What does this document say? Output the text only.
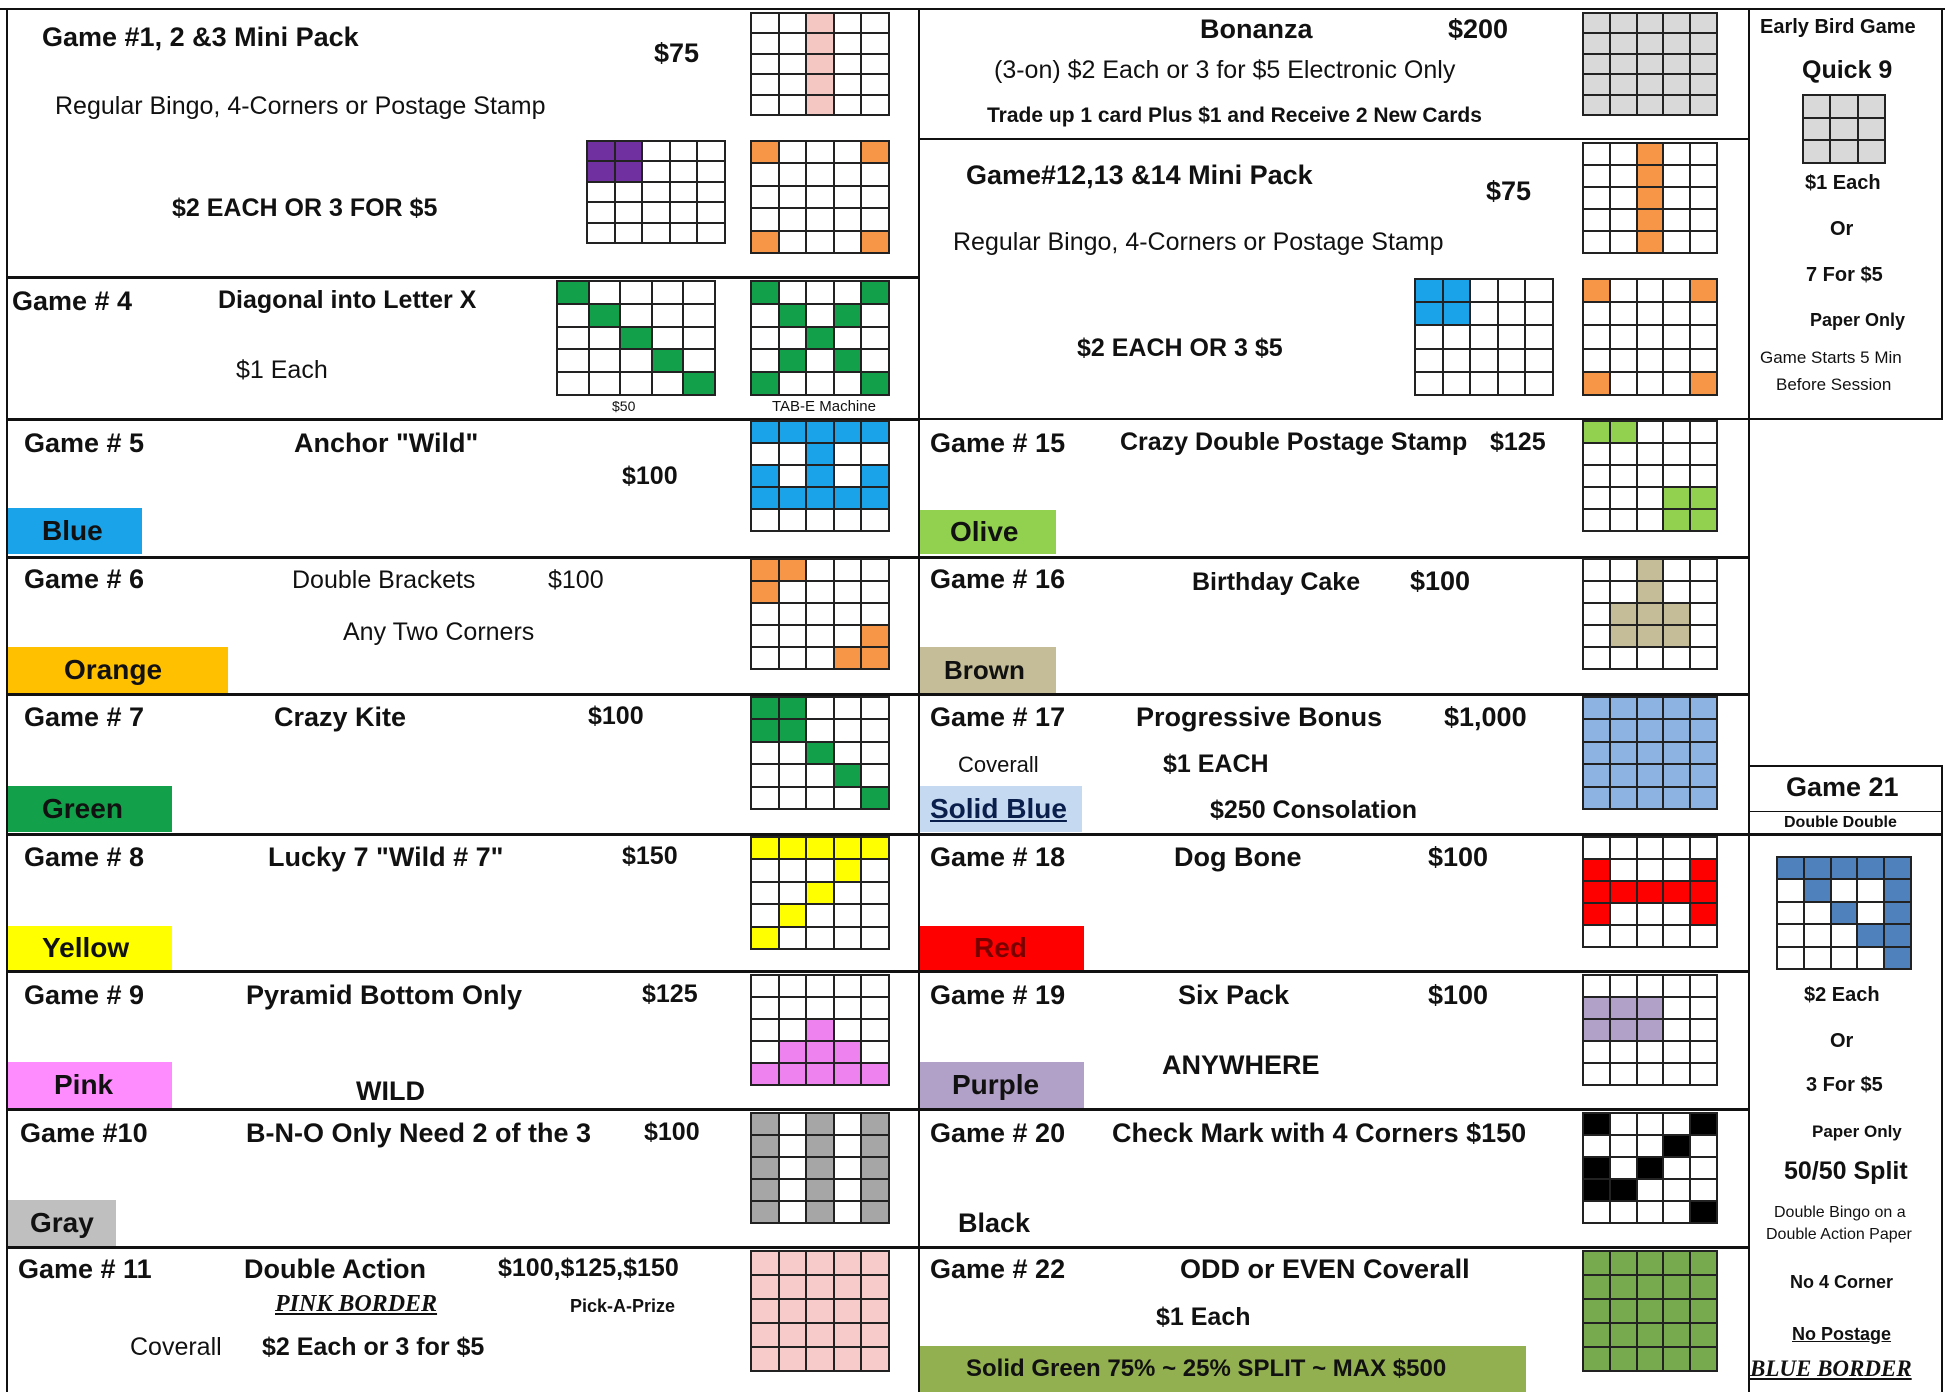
Game #1, 2 &3 Mini Pack
$75
Regular Bingo, 4-Corners or Postage Stamp
$2 EACH OR 3 FOR $5
Game # 4	Diagonal into Letter X
$1 Each
$50	TAB-E Machine
Game # 5	Anchor "Wild"
$100
Blue
Game # 6	Double Brackets	$100
Any Two Corners
Orange
Game # 7	Crazy Kite	$100
Green
Game # 8	Lucky 7 "Wild # 7"	$150
Yellow
Game # 9	Pyramid Bottom Only	$125
WILD
Pink
Game #10	B-N-O Only Need 2 of the 3 $100
Gray
Game # 11	Double Action	$100,$125,$150
PINK BORDER	Pick-A-Prize
Coverall $2 Each or 3 for $5
Bonanza	$200
(3-on) $2 Each or 3 for $5 Electronic Only
Trade up 1 card Plus $1 and Receive 2 New Cards
Game#12,13 &14 Mini Pack
$75
Regular Bingo, 4-Corners or Postage Stamp
$2 EACH OR 3 $5
Game # 15 Crazy Double Postage Stamp $125
Olive
Game # 16	Birthday Cake $100
Brown
Game # 17	Progressive Bonus $1,000
Coverall	$1 EACH
$250 Consolation
Solid Blue
Game # 18	Dog Bone	$100
Red
Game # 19	Six Pack	$100
ANYWHERE
Purple
Game # 20 Check Mark with 4 Corners $150
Black
Game # 22	ODD or EVEN Coverall
$1 Each
Solid Green 75% ~ 25% SPLIT ~ MAX $500
Early Bird Game
Quick 9
$1 Each
Or
7 For $5
Paper Only
Game Starts 5 Min
Before Session
Game 21
Double Double
$2 Each
Or
3 For $5
Paper Only
50/50 Split
Double Bingo on a
Double Action Paper
No 4 Corner
No Postage
BLUE BORDER
